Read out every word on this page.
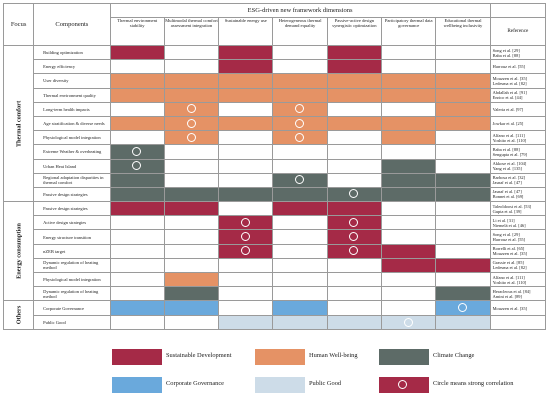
Focus	Components	ESG-driven new framework dimensions							
		Thermal environment stability	Multimodal thermal comfort assessment integration	Sustainable energy use	Heterogeneous thermal demand equality	Passive-active design synergistic optimization	Participatory thermal data governance	Educational thermal wellbeing inclusivity	Reference

Thermal comfort	Building optimization								Song et al. [29]
Baba et al. [88]
	Energy efficiency								Harrouz et al. [55]
	User diversity								Mouzzen et al. [35]
Ledesma et al. [82]
	Thermal environment quality								Abdallah et al. [91]
Enrico et al. [44]
	Long-term health impacts								Valeria et al. [97]
	Age stratification & diverse needs								Jowkar et al. [25]
	Physiological model integration								Alfano et al. [111]
Yoshito et al. [110]
	Extreme Weather & overheating								Baba et al. [88]
Sengupta et al. [79]
	Urban Heat Island								Akkose et al. [104]
Yang et al. [135]
	Regional adaptation disparities in thermal comfort								Barbosa et al. [32]
Jasnaf et al. [47]
	Passive design strategies								Jasnaf et al. [47]
Bonnet et al. [69]

Energy consumption	Passive design strategies								Taleoldoost et al. [53]
Gupta et al. [39]
	Active design strategies								Li et al. [31]
Niemelä et al. [46]
	Energy structure transition								Song et al. [29]
Harrouz et al. [55]
	nZEB target								Borrelli et al. [65]
Mouzzen et al. [35]
	Dynamic regulation of heating method								Grassie et al. [85]
Ledesma et al. [82]
	Physiological model integration								Alfano et al. [111]
Yoshito et al. [110]
	Dynamic regulation of heating method								Heracleous et al. [84]
Amini et al. [89]

Others	Corporate Governance								Mouzzen et al. [35]
	Public Good						

Sustainable Development	Human Well-being	Climate Change
Corporate Governance	Public Good	Circle means strong correlation
